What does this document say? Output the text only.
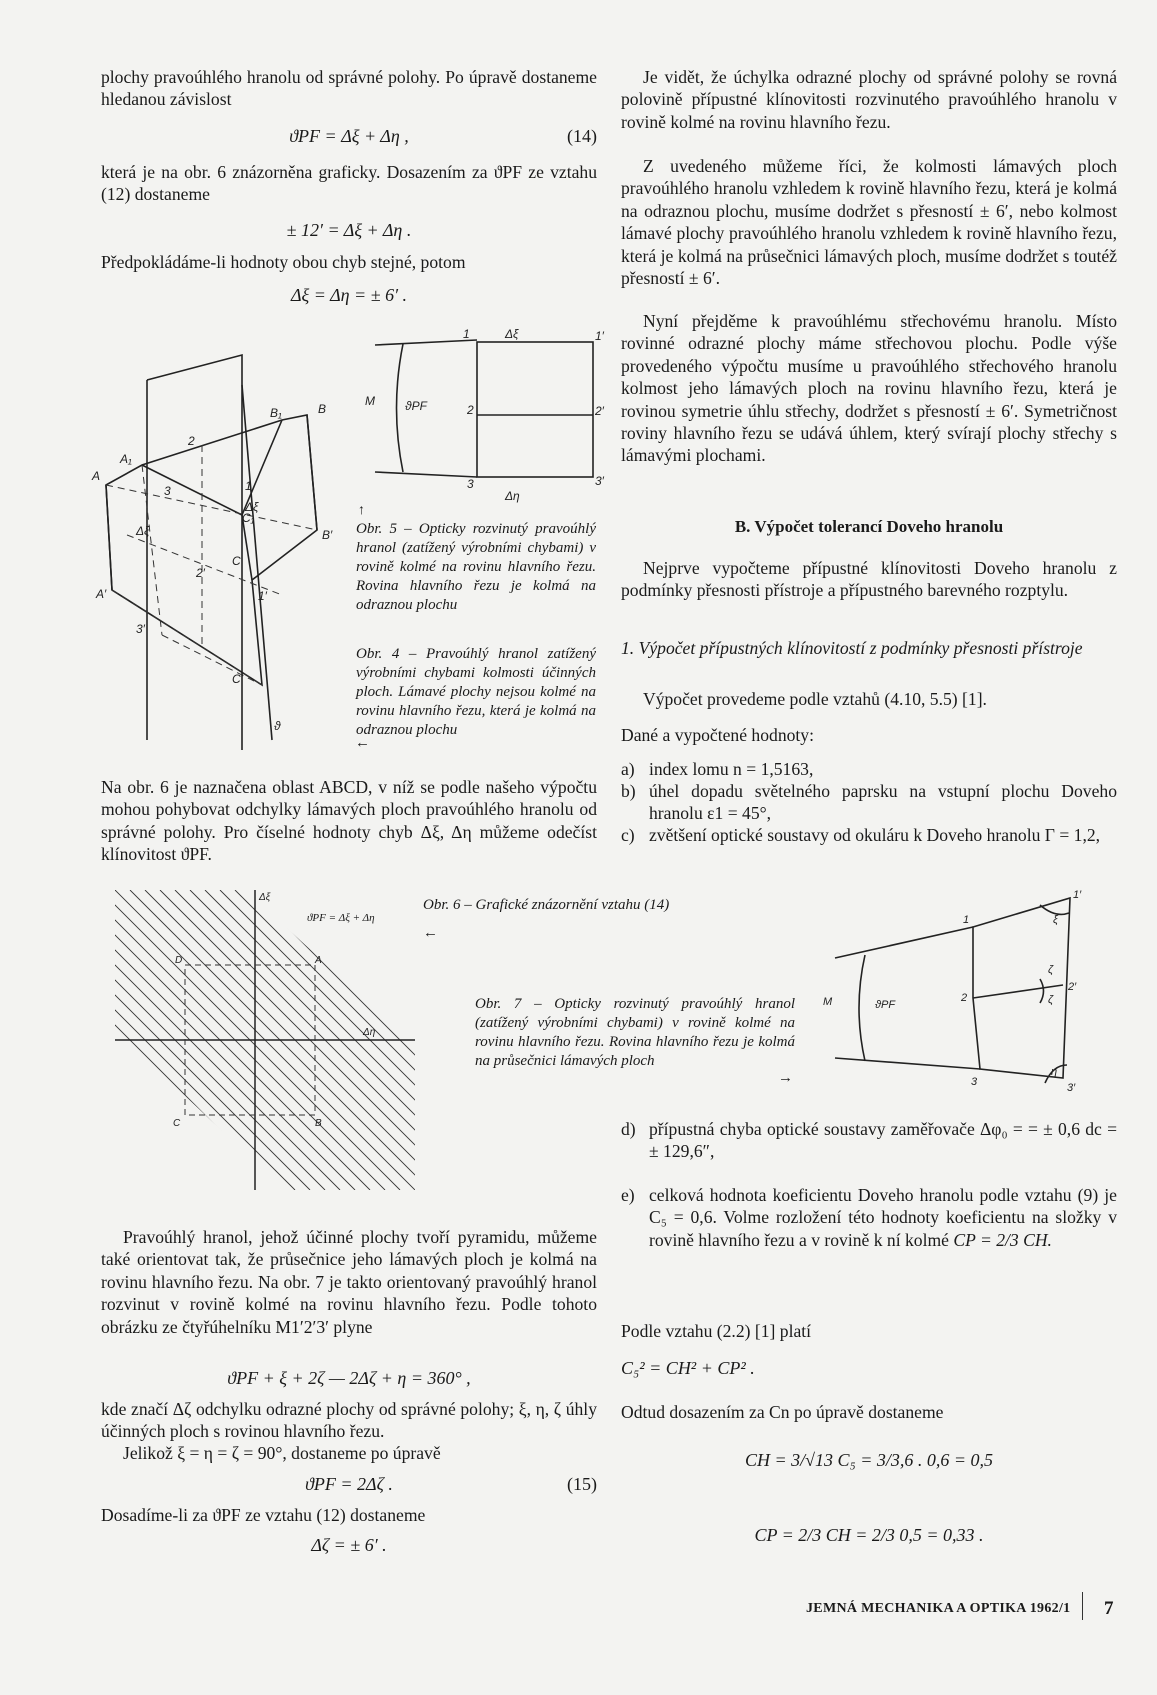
plochy pravoúhlého hranolu od správné polohy. Po úpravě dostaneme hledanou závislost

ϑPF = Δξ + Δη ,	(14)

která je na obr. 6 znázorněna graficky. Dosazením za ϑPF ze vztahu (12) dostaneme

± 12′ = Δξ + Δη .

Předpokládáme-li hodnoty obou chyb stejné, potom

Δξ = Δη = ± 6′ .
A
A₁
B₁	B
2
3
C₁
C
B′
A′
2′
1′
3′
C′
Δξ
Δξ
1
ϑ
1	1′
2	2′
3	3′
M	ϑPF
Δξ
Δη
↑

Obr. 5 – Opticky rozvinutý pravoúhlý hranol (zatížený výrobními chybami) v rovině kolmé na rovinu hlavního řezu. Rovina hlavního řezu je kolmá na odraznou plochu

Obr. 4 – Pravoúhlý hranol zatížený výrobními chybami kolmosti účinných ploch. Lámavé plochy nejsou kolmé na rovinu hlavního řezu, která je kolmá na odraznou plochu

←

Na obr. 6 je naznačena oblast ABCD, v níž se podle našeho výpočtu mohou pohybovat odchylky lámavých ploch pravoúhlého hranolu od správné polohy. Pro číselné hodnoty chyb Δξ, Δη můžeme odečíst klínovitost ϑPF.

D	A
C	B
Δξ
Δη
ϑPF = Δξ + Δη
←

Obr. 6 – Grafické znázornění vztahu (14)

Pravoúhlý hranol, jehož účinné plochy tvoří pyramidu, můžeme také orientovat tak, že průsečnice jeho lámavých ploch je kolmá na rovinu hlavního řezu. Na obr. 7 je takto orientovaný pravoúhlý hranol rozvinut v rovině kolmé na rovinu hlavního řezu. Podle tohoto obrázku ze čtyřúhelníku M1′2′3′ plyne

ϑPF + ξ + 2ζ — 2Δζ + η = 360° ,

kde značí Δζ odchylku odrazné plochy od správné polohy; ξ, η, ζ úhly účinných ploch s rovinou hlavního řezu.

Jelikož ξ = η = ζ = 90°, dostaneme po úpravě

ϑPF = 2Δζ .	(15)

Dosadíme-li za ϑPF ze vztahu (12) dostaneme

Δζ = ± 6′ .

Je vidět, že úchylka odrazné plochy od správné polohy se rovná polovině přípustné klínovitosti rozvinutého pravoúhlého hranolu v rovině kolmé na rovinu hlavního řezu.

Z uvedeného můžeme říci, že kolmosti lámavých ploch pravoúhlého hranolu vzhledem k rovině hlavního řezu, která je kolmá na odraznou plochu, musíme dodržet s přesností ± 6′, nebo kolmost lámavé plochy pravoúhlého hranolu vzhledem k rovině hlavního řezu, která je kolmá na průsečnici lámavých ploch, musíme dodržet s toutéž přesností ± 6′.

Nyní přejděme k pravoúhlému střechovému hranolu. Místo rovinné odrazné plochy máme střechovou plochu. Podle výše provedeného výpočtu musíme u pravoúhlého střechového hranolu kolmost jeho lámavých ploch na rovinu hlavního řezu, která je rovinou symetrie úhlu střechy, dodržet s přesností ± 6′. Symetričnost roviny hlavního řezu se udává úhlem, který svírají plochy střechy s lámavými plochami.

B. Výpočet tolerancí Doveho hranolu

Nejprve vypočteme přípustné klínovitosti Doveho hranolu z podmínky přesnosti přístroje a přípustného barevného rozptylu.

1. Výpočet přípustných klínovitostí z podmínky přesnosti přístroje

Výpočet provedeme podle vztahů (4.10, 5.5) [1].

Dané a vypočtené hodnoty:

a) index lomu n = 1,5163,
b) úhel dopadu světelného paprsku na vstupní plochu Doveho hranolu ε1 = 45°,
c) zvětšení optické soustavy od okuláru k Doveho hranolu Γ = 1,2,
1
1′
2
2′
3	3′
M	ϑPF
ξ
ζ
ζ
η

Obr. 7 – Opticky rozvinutý pravoúhlý hranol (zatížený výrobními chybami) v rovině kolmé na rovinu hlavního řezu. Rovina hlavního řezu je kolmá na průsečnici lámavých ploch

→
d) přípustná chyba optické soustavy zaměřovače Δφ₀ = = ± 0,6 dc = ± 129,6″,
e) celková hodnota koeficientu Doveho hranolu podle vztahu (9) je C₅ = 0,6. Volme rozložení této hodnoty koeficientu na složky v rovině hlavního řezu a v rovině k ní kolmé CP = 2/3 CH.

Podle vztahu (2.2) [1] platí

C₅² = CH² + CP² .

Odtud dosazením za Cn po úpravě dostaneme

CH = 3/√13 C₅ = 3/3,6 . 0,6 = 0,5
CP = 2/3 CH = 2/3 0,5 = 0,33 .
JEMNÁ MECHANIKA A OPTIKA 1962/1 7
